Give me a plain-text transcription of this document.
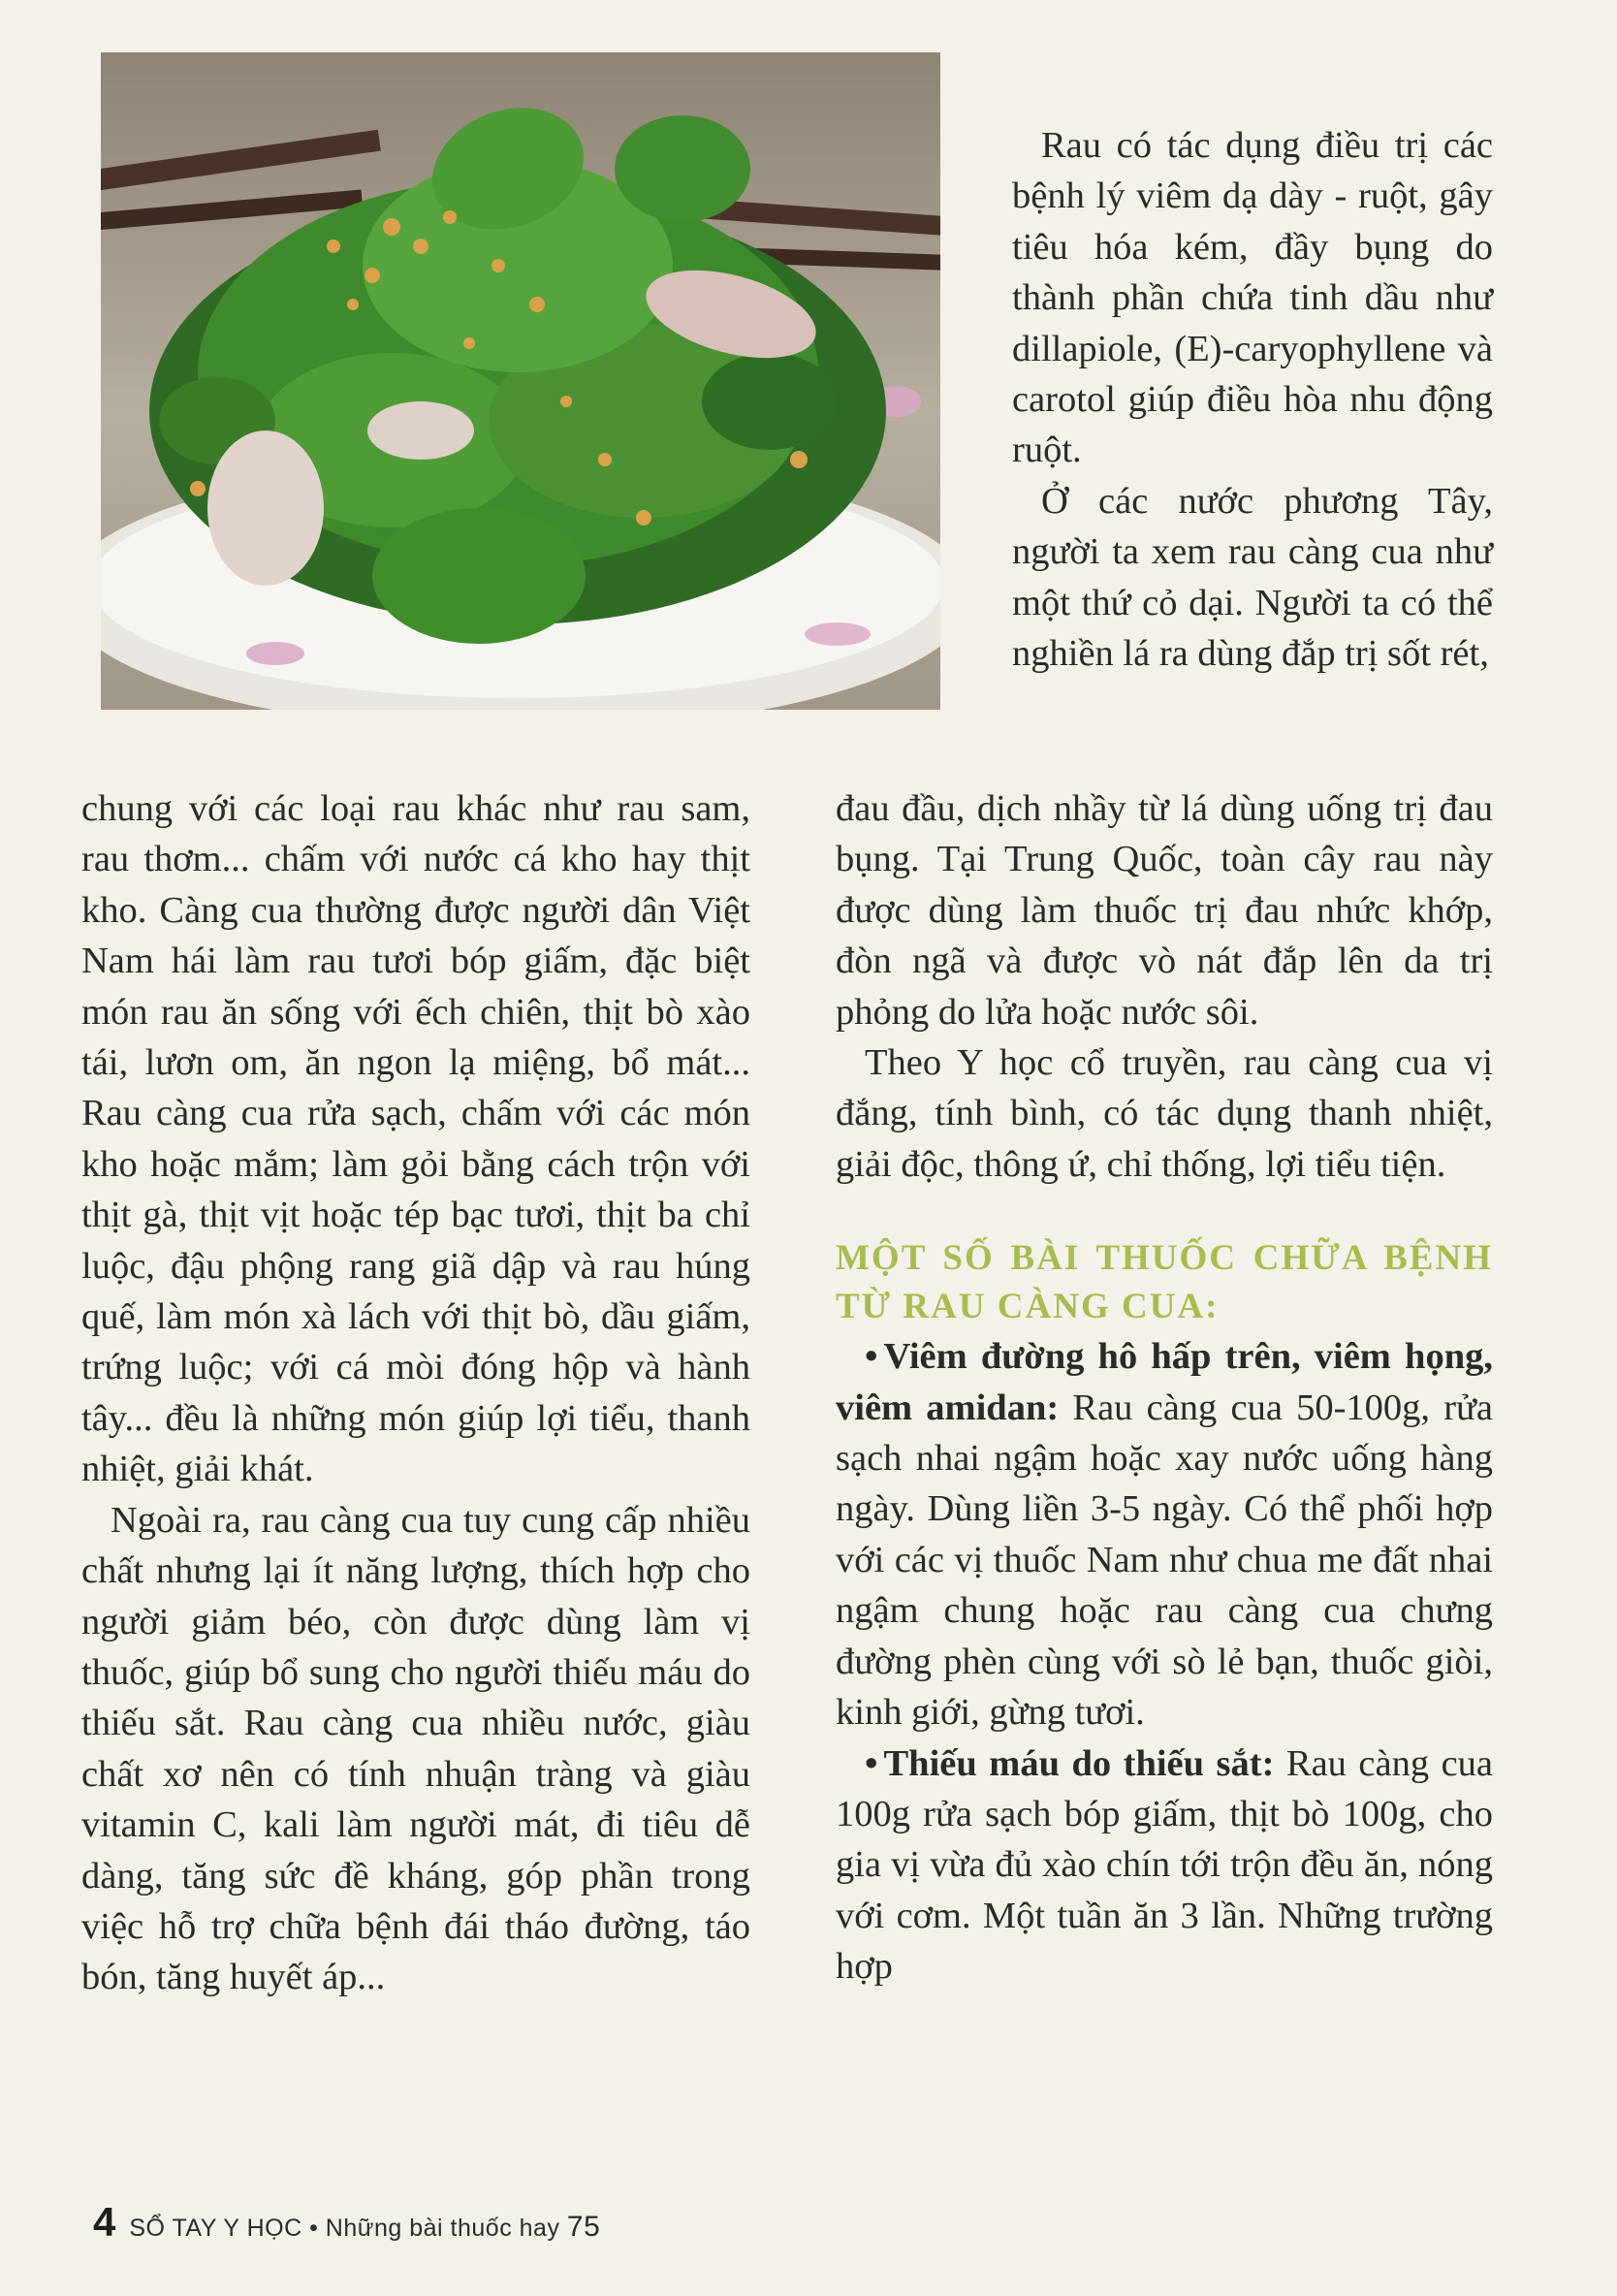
Rau có tác dụng điều trị các bệnh lý viêm dạ dày - ruột, gây tiêu hóa kém, đầy bụng do thành phần chứa tinh dầu như dillapiole, (E)-caryophyllene và carotol giúp điều hòa nhu động ruột.

Ở các nước phương Tây, người ta xem rau càng cua như một thứ cỏ dại. Người ta có thể nghiền lá ra dùng đắp trị sốt rét,

chung với các loại rau khác như rau sam, rau thơm... chấm với nước cá kho hay thịt kho. Càng cua thường được người dân Việt Nam hái làm rau tươi bóp giấm, đặc biệt món rau ăn sống với ếch chiên, thịt bò xào tái, lươn om, ăn ngon lạ miệng, bổ mát... Rau càng cua rửa sạch, chấm với các món kho hoặc mắm; làm gỏi bằng cách trộn với thịt gà, thịt vịt hoặc tép bạc tươi, thịt ba chỉ luộc, đậu phộng rang giã dập và rau húng quế, làm món xà lách với thịt bò, dầu giấm, trứng luộc; với cá mòi đóng hộp và hành tây... đều là những món giúp lợi tiểu, thanh nhiệt, giải khát.

Ngoài ra, rau càng cua tuy cung cấp nhiều chất nhưng lại ít năng lượng, thích hợp cho người giảm béo, còn được dùng làm vị thuốc, giúp bổ sung cho người thiếu máu do thiếu sắt. Rau càng cua nhiều nước, giàu chất xơ nên có tính nhuận tràng và giàu vitamin C, kali làm người mát, đi tiêu dễ dàng, tăng sức đề kháng, góp phần trong việc hỗ trợ chữa bệnh đái tháo đường, táo bón, tăng huyết áp...

đau đầu, dịch nhầy từ lá dùng uống trị đau bụng. Tại Trung Quốc, toàn cây rau này được dùng làm thuốc trị đau nhức khớp, đòn ngã và được vò nát đắp lên da trị phỏng do lửa hoặc nước sôi.

Theo Y học cổ truyền, rau càng cua vị đắng, tính bình, có tác dụng thanh nhiệt, giải độc, thông ứ, chỉ thống, lợi tiểu tiện.

MỘT SỐ BÀI THUỐC CHỮA BỆNH TỪ RAU CÀNG CUA:

• Viêm đường hô hấp trên, viêm họng, viêm amidan: Rau càng cua 50-100g, rửa sạch nhai ngậm hoặc xay nước uống hàng ngày. Dùng liền 3-5 ngày. Có thể phối hợp với các vị thuốc Nam như chua me đất nhai ngậm chung hoặc rau càng cua chưng đường phèn cùng với sò lẻ bạn, thuốc giòi, kinh giới, gừng tươi.

• Thiếu máu do thiếu sắt: Rau càng cua 100g rửa sạch bóp giấm, thịt bò 100g, cho gia vị vừa đủ xào chín tới trộn đều ăn, nóng với cơm. Một tuần ăn 3 lần. Những trường hợp

4 SỔ TAY Y HỌC • Những bài thuốc hay 75
